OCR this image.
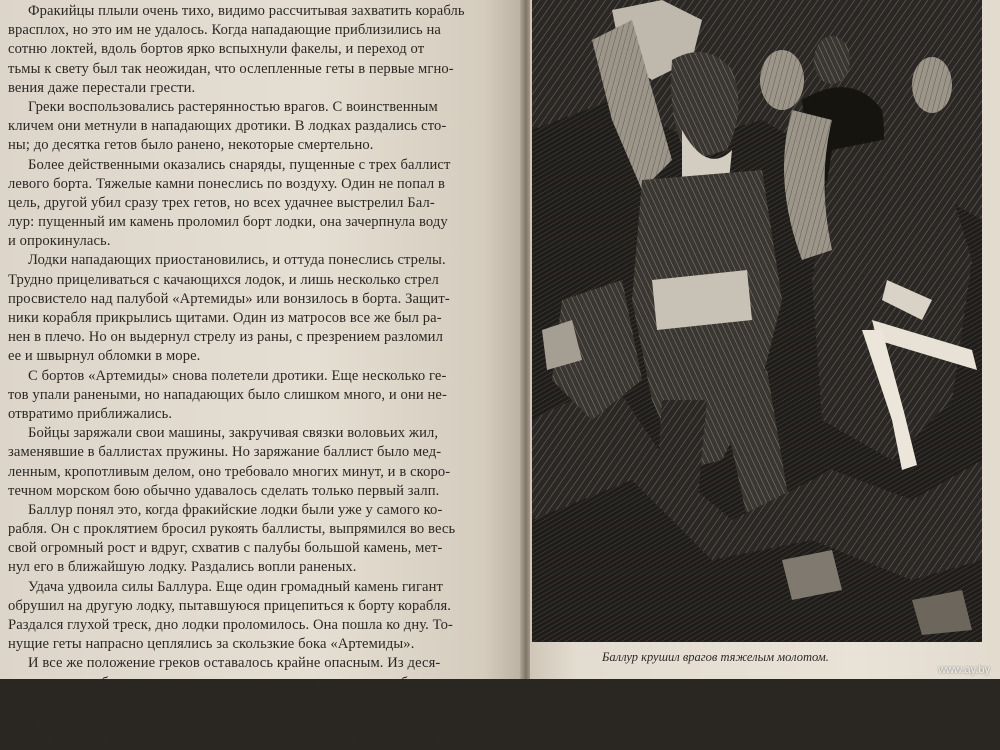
Фракийцы плыли очень тихо, видимо рассчитывая захватить корабль
врасплох, но это им не удалось. Когда нападающие приблизились на
сотню локтей, вдоль бортов ярко вспыхнули факелы, и переход от
тьмы к свету был так неожидан, что ослепленные геты в первые мгно-
вения даже перестали грести.
Греки воспользовались растерянностью врагов. С воинственным
кличем они метнули в нападающих дротики. В лодках раздались сто-
ны; до десятка гетов было ранено, некоторые смертельно.
Более действенными оказались снаряды, пущенные с трех баллист
левого борта. Тяжелые камни понеслись по воздуху. Один не попал в
цель, другой убил сразу трех гетов, но всех удачнее выстрелил Бал-
лур: пущенный им камень проломил борт лодки, она зачерпнула воду
и опрокинулась.
Лодки нападающих приостановились, и оттуда понеслись стрелы.
Трудно прицеливаться с качающихся лодок, и лишь несколько стрел
просвистело над палубой «Артемиды» или вонзилось в борта. Защит-
ники корабля прикрылись щитами. Один из матросов все же был ра-
нен в плечо. Но он выдернул стрелу из раны, с презрением разломил
ее и швырнул обломки в море.
С бортов «Артемиды» снова полетели дротики. Еще несколько ге-
тов упали ранеными, но нападающих было слишком много, и они не-
отвратимо приближались.
Бойцы заряжали свои машины, закручивая связки воловьих жил,
заменявшие в баллистах пружины. Но заряжание баллист было мед-
ленным, кропотливым делом, оно требовало многих минут, и в скоро-
течном морском бою обычно удавалось сделать только первый залп.
Баллур понял это, когда фракийские лодки были уже у самого ко-
рабля. Он с проклятием бросил рукоять баллисты, выпрямился во весь
свой огромный рост и вдруг, схватив с палубы большой камень, мет-
нул его в ближайшую лодку. Раздались вопли раненых.
Удача удвоила силы Баллура. Еще один громадный камень гигант
обрушил на другую лодку, пытавшуюся прицепиться к борту корабля.
Раздался глухой треск, дно лодки проломилось. Она пошла ко дну. То-
нущие геты напрасно цеплялись за скользкие бока «Артемиды».
И все же положение греков оставалось крайне опасным. Из деся-
тка лодок погибли две, и их экипажи вплавь возвращались на берег.
Но остальные окружали судно и с левого борта, обращенного к берегу,
и с правого.
Баллур носился по палубе, как яростный бог войны. При трепетном
Баллур крушил врагов тяжелым молотом.
www.ay.by
